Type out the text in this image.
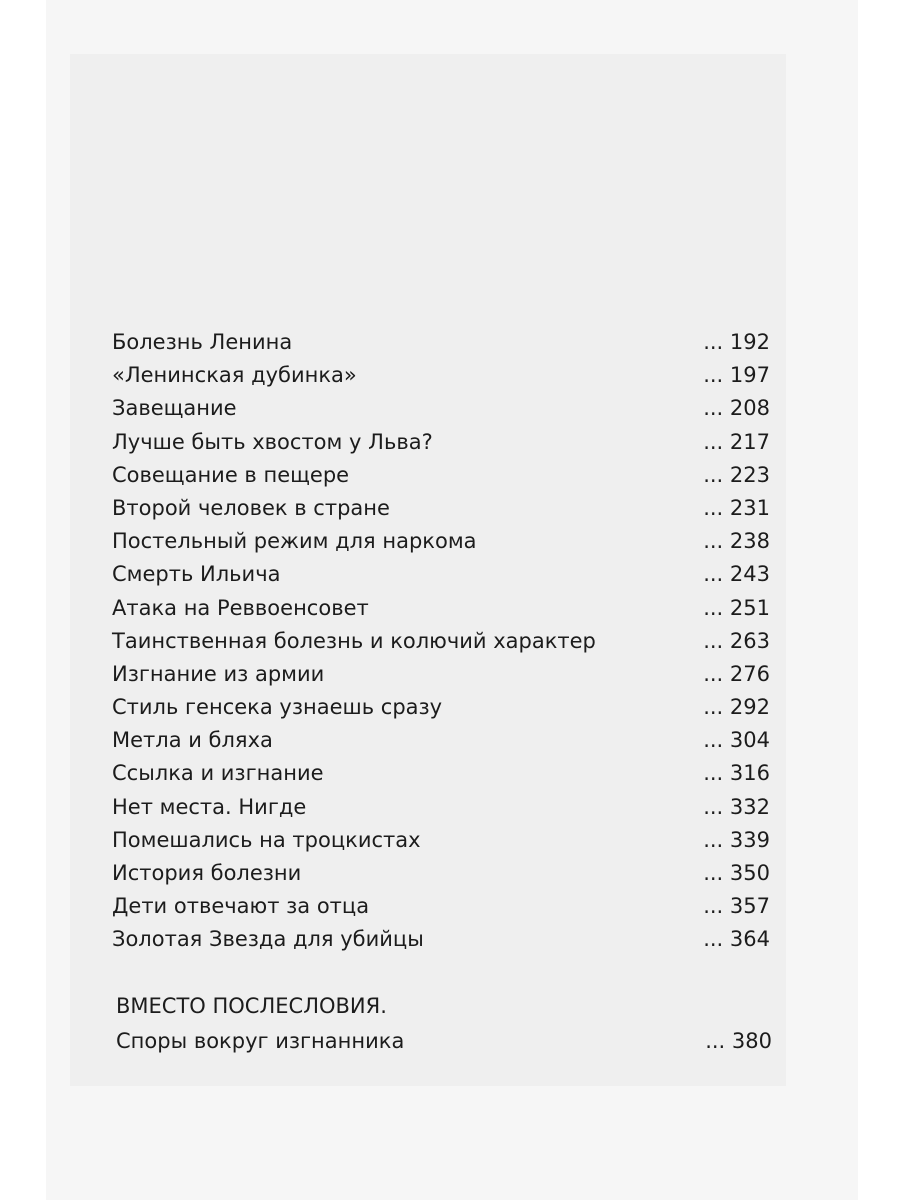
Болезнь Ленина	... 192
«Ленинская дубинка»	... 197
Завещание	... 208
Лучше быть хвостом у Льва?	... 217
Совещание в пещере	... 223
Второй человек в стране	... 231
Постельный режим для наркома	... 238
Смерть Ильича	... 243
Атака на Реввоенсовет	... 251
Таинственная болезнь и колючий характер	... 263
Изгнание из армии	... 276
Стиль генсека узнаешь сразу	... 292
Метла и бляха	... 304
Ссылка и изгнание	... 316
Нет места. Нигде	... 332
Помешались на троцкистах	... 339
История болезни	... 350
Дети отвечают за отца	... 357
Золотая Звезда для убийцы	... 364
ВМЕСТО ПОСЛЕСЛОВИЯ.
Споры вокруг изгнанника	... 380
